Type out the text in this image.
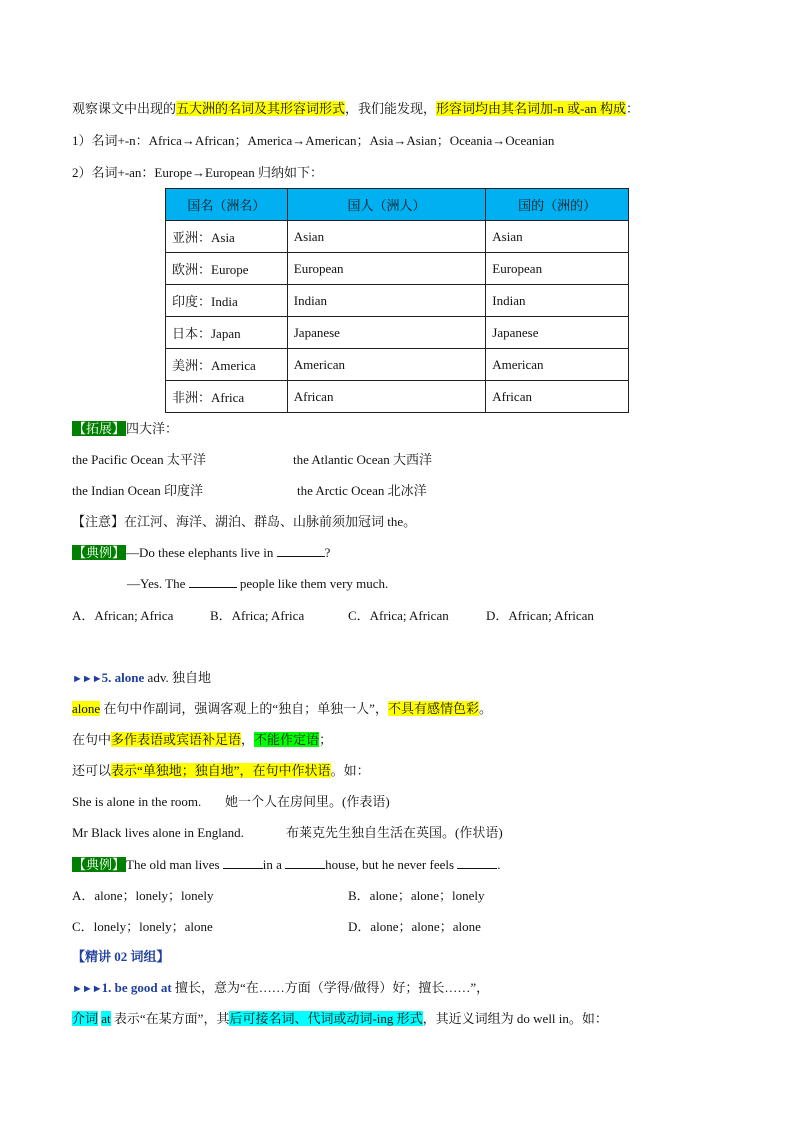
观察课文中出现的五大洲的名词及其形容词形式，我们能发现，形容词均由其名词加-n 或-an 构成：
1）名词+-n：Africa→African；America→American；Asia→Asian；Oceania→Oceanian
2）名词+-an：Europe→European 归纳如下：
国名（洲名）	国人（洲人）	国的（洲的）
亚洲：Asia	Asian	Asian
欧洲：Europe	European	European
印度：India	Indian	Indian
日本：Japan	Japanese	Japanese
美洲：America	American	American
非洲：Africa	African	African
【拓展】四大洋：
the Pacific Ocean 太平洋	the Atlantic Ocean 大西洋
the Indian Ocean 印度洋	the Arctic Ocean 北冰洋
【注意】在江河、海洋、湖泊、群岛、山脉前须加冠词 the。
【典例】—Do these elephants live in	?
—Yes. The	people like them very much.
A．African; Africa	B．Africa; Africa	C．Africa; African	D．African; African
►►►5. alone adv. 独自地
alone 在句中作副词，强调客观上的“独自；单独一人”，不具有感情色彩。
在句中多作表语或宾语补足语，不能作定语；
还可以表示“单独地；独自地”，在句中作状语。如：
She is alone in the room. 她一个人在房间里。(作表语)
Mr Black lives alone in England.	布莱克先生独自生活在英国。(作状语)
【典例】The old man lives	in a	house, but he never feels	.
A．alone；lonely；lonely	B．alone；alone；lonely
C．lonely；lonely；alone	D．alone；alone；alone
【精讲 02 词组】
►►►1. be good at 擅长，意为“在……方面（学得/做得）好；擅长……”，
介词 at 表示“在某方面”，其后可接名词、代词或动词-ing 形式，其近义词组为 do well in。如：
